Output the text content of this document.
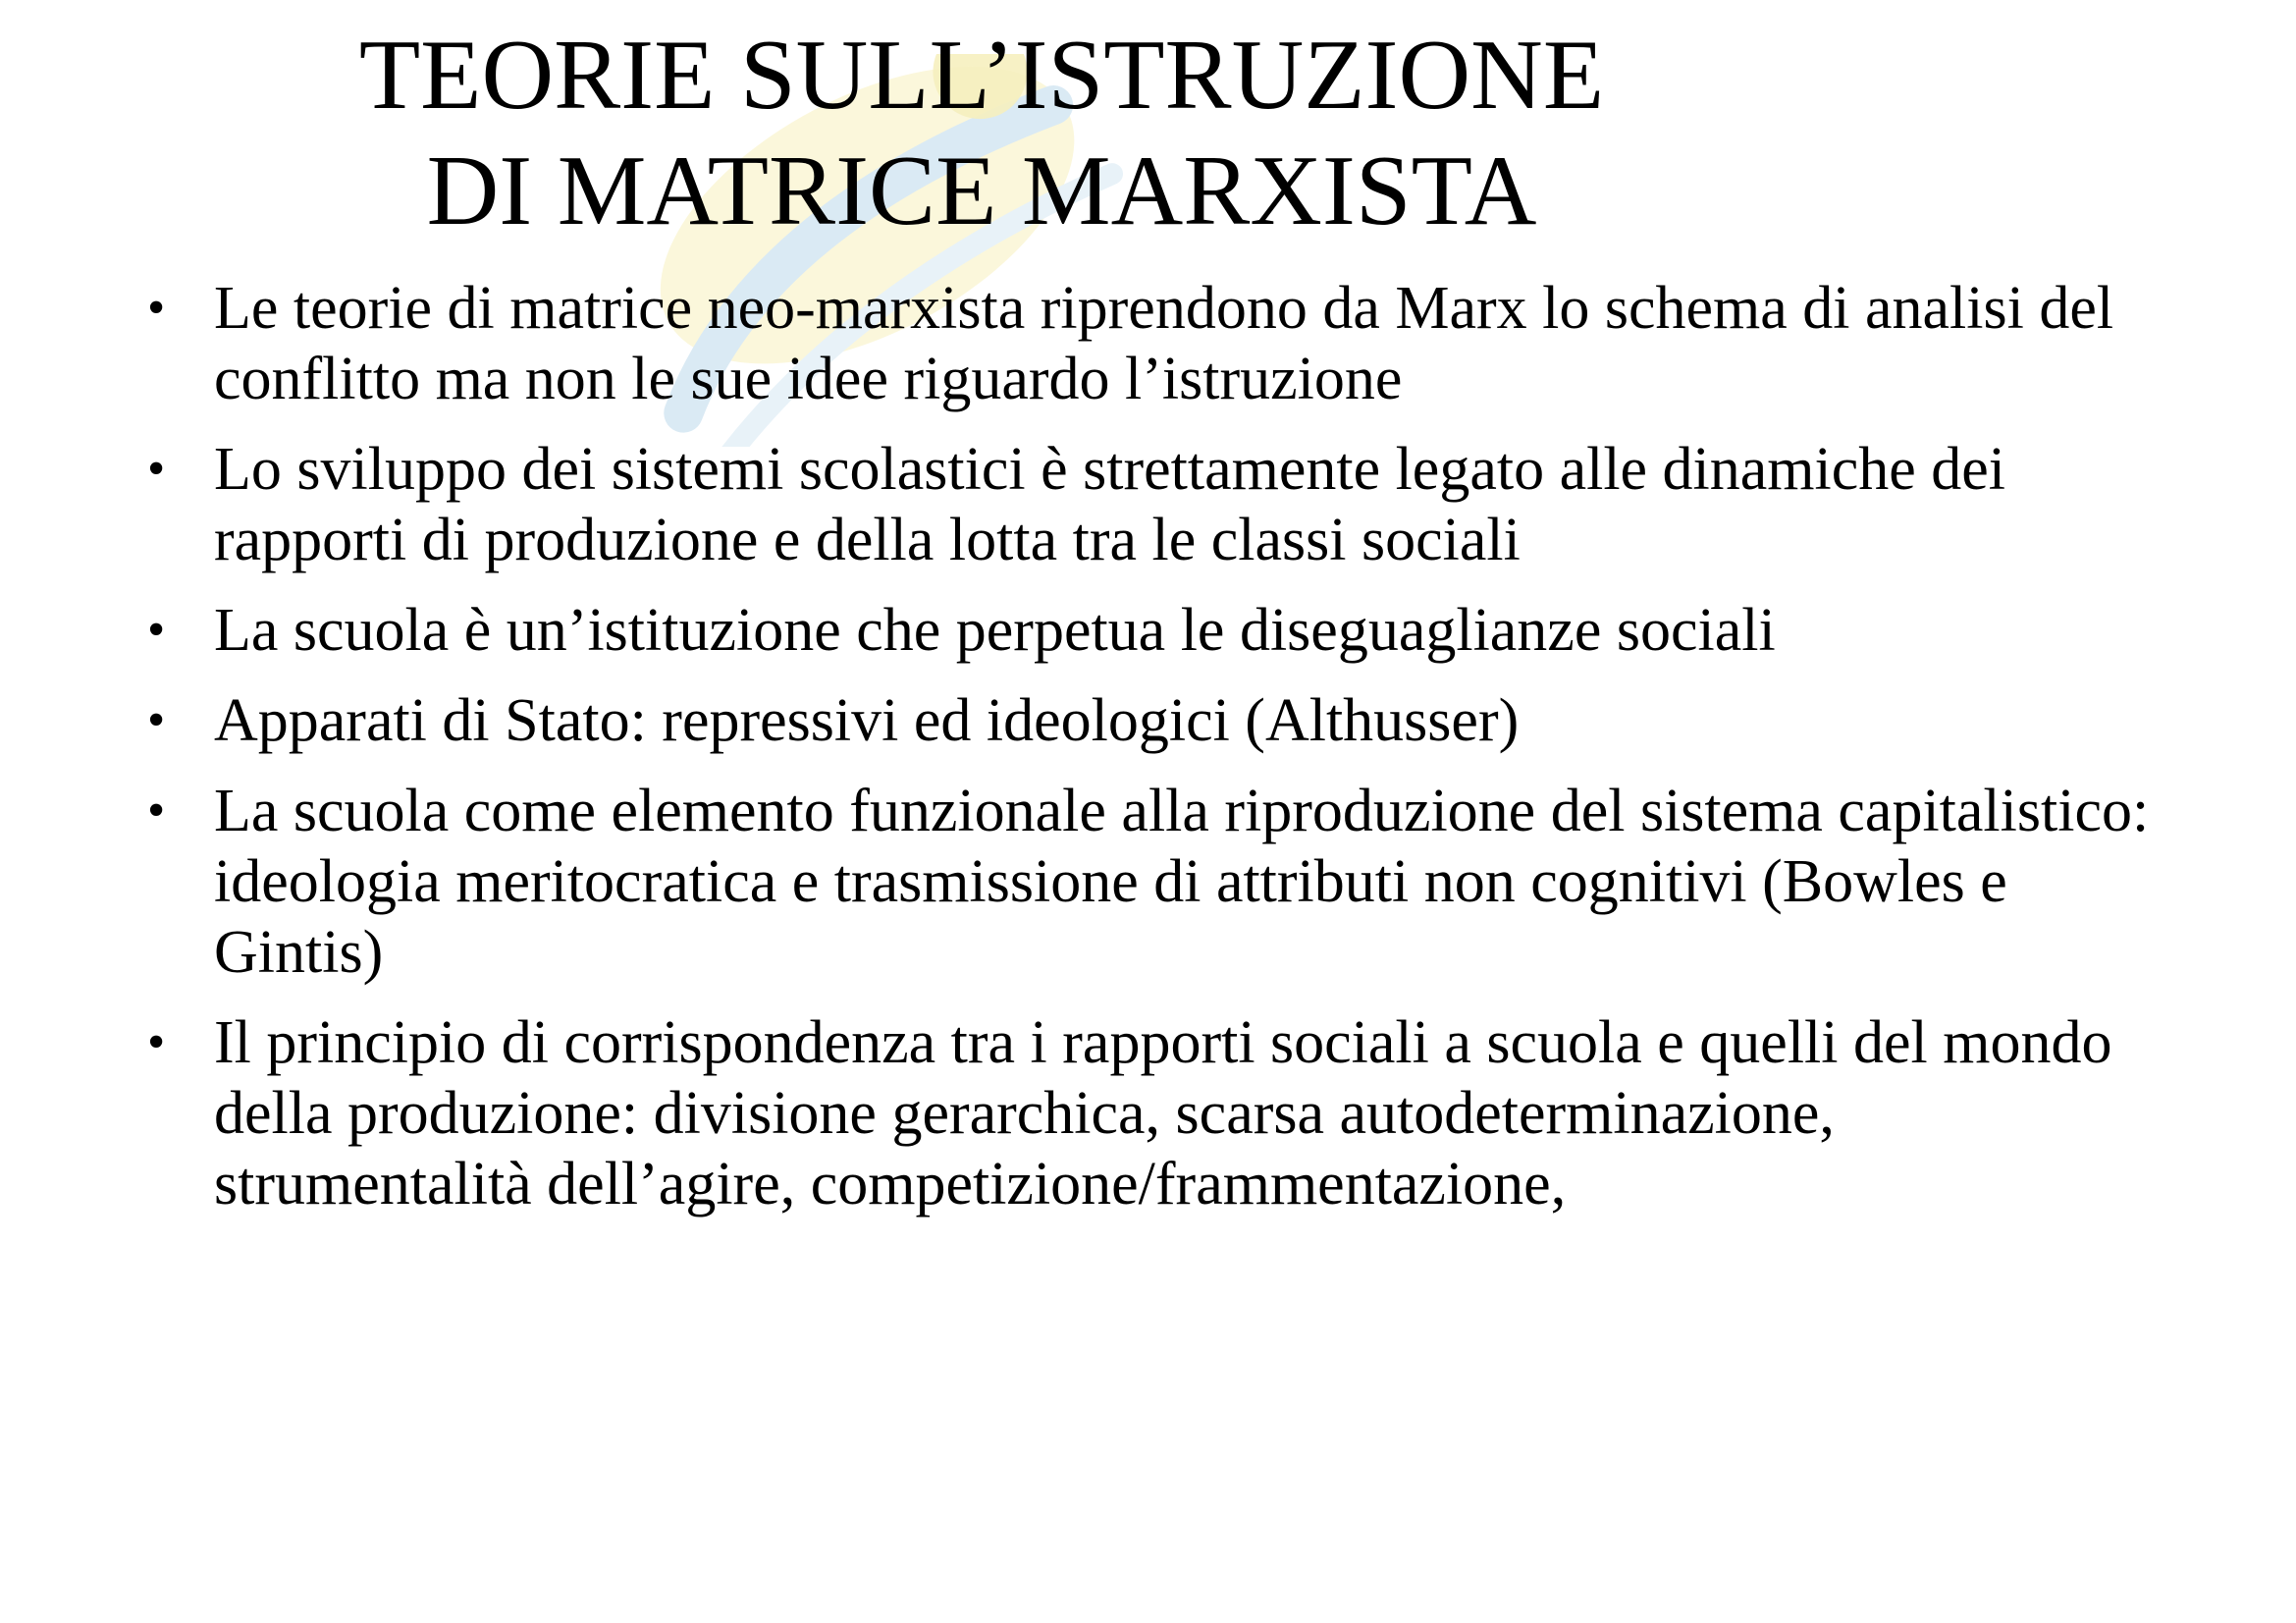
TEORIE SULL’ISTRUZIONE
DI MATRICE MARXISTA
• Le teorie di matrice neo-marxista riprendono da Marx lo schema di analisi del conflitto ma non le sue idee riguardo l’istruzione
• Lo sviluppo dei sistemi scolastici è strettamente legato alle dinamiche dei rapporti di produzione e della lotta tra le classi sociali
• La scuola è un’istituzione che perpetua le diseguaglianze sociali
• Apparati di Stato: repressivi ed ideologici (Althusser)
• La scuola come elemento funzionale alla riproduzione del sistema capitalistico: ideologia meritocratica e trasmissione di attributi non cognitivi (Bowles e Gintis)
• Il principio di corrispondenza tra i rapporti sociali a scuola e quelli del mondo della produzione: divisione gerarchica, scarsa autodeterminazione, strumentalità dell’agire, competizione/frammentazione,
